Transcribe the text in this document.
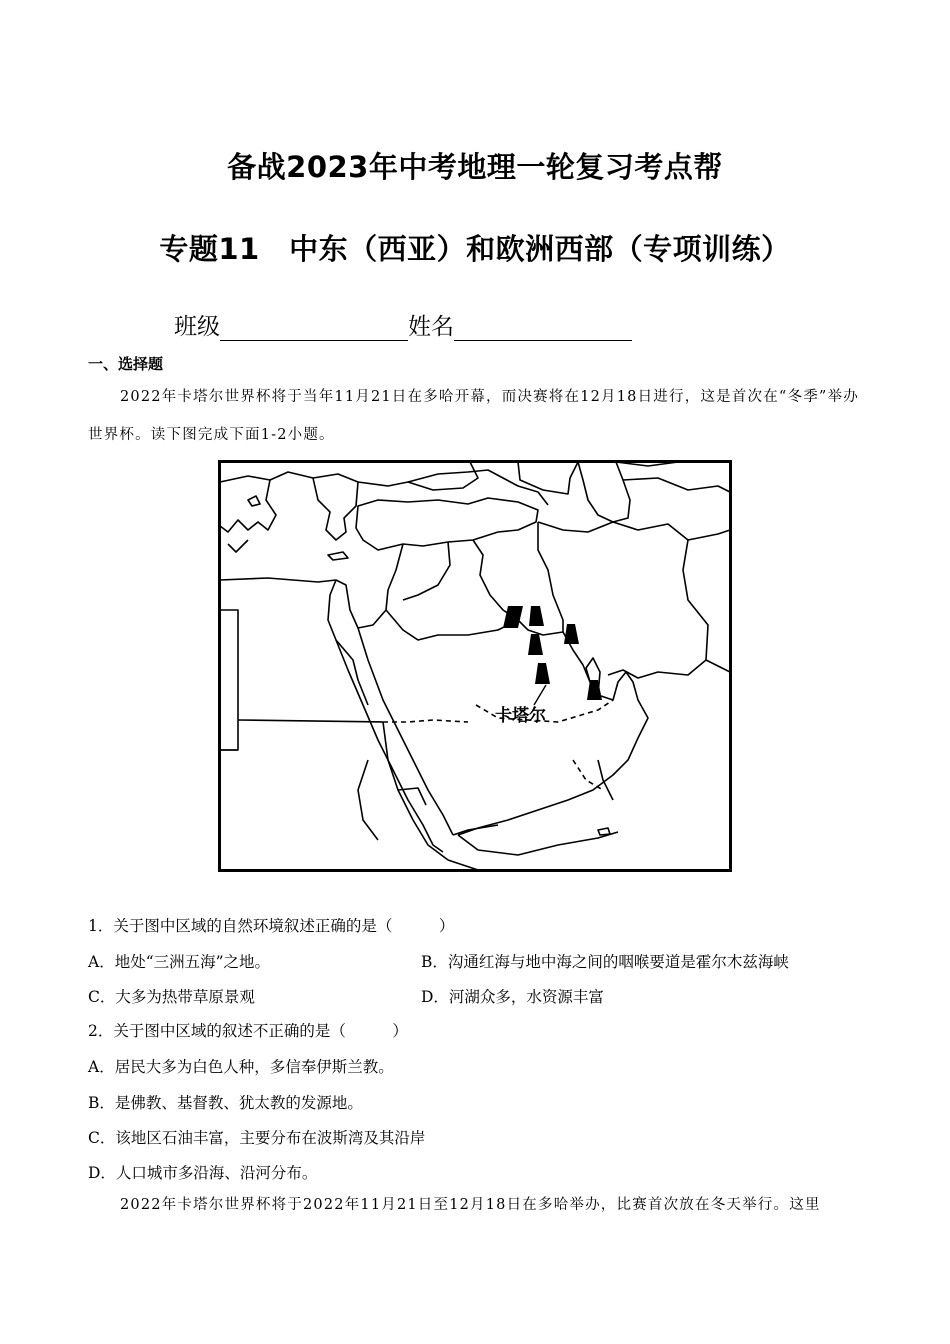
备战2023年中考地理一轮复习考点帮
专题11　中东（西亚）和欧洲西部（专项训练）
班级	姓名
一、选择题
2022年卡塔尔世界杯将于当年11月21日在多哈开幕，而决赛将在12月18日进行，这是首次在“冬季”举办世界杯。读下图完成下面1-2小题。
卡塔尔
1．关于图中区域的自然环境叙述正确的是（　　　）
A．地处“三洲五海”之地。	B．沟通红海与地中海之间的咽喉要道是霍尔木兹海峡
C．大多为热带草原景观	D．河湖众多，水资源丰富
2．关于图中区域的叙述不正确的是（　　　）
A．居民大多为白色人种，多信奉伊斯兰教。
B．是佛教、基督教、犹太教的发源地。
C．该地区石油丰富，主要分布在波斯湾及其沿岸
D．人口城市多沿海、沿河分布。
2022年卡塔尔世界杯将于2022年11月21日至12月18日在多哈举办，比赛首次放在冬天举行。这里
